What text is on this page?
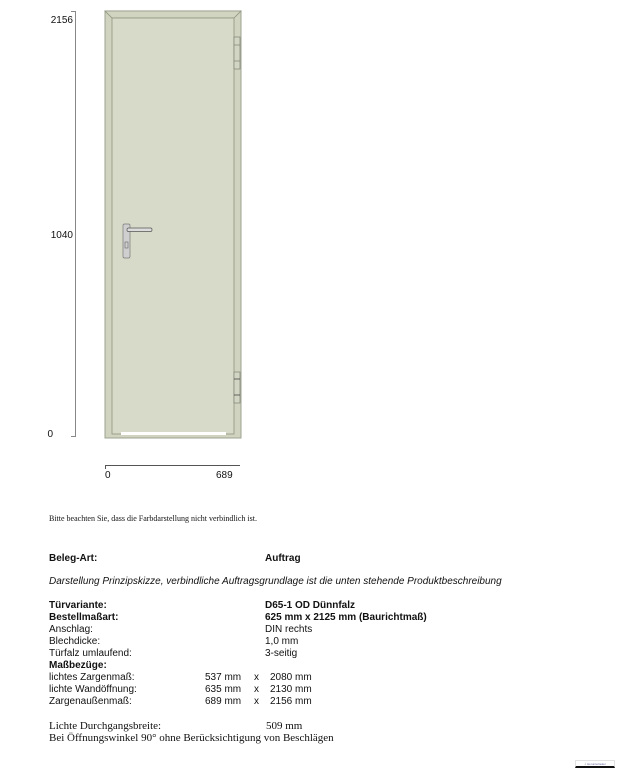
2156
1040
0
0	689
Bitte beachten Sie, dass die Farbdarstellung nicht verbindlich ist.
Beleg-Art:	Auftrag
Darstellung Prinzipskizze, verbindliche Auftragsgrundlage ist die unten stehende Produktbeschreibung
Türvariante:	D65-1 OD Dünnfalz
Bestellmaßart:	625 mm x 2125 mm (Baurichtmaß)
Anschlag:	DIN rechts
Blechdicke:	1,0 mm
Türfalz umlaufend:	3-seitig
Maßbezüge:
lichtes Zargenmaß:	537 mm x 2080 mm
lichte Wandöffnung:	635 mm x 2130 mm
Zargenaußenmaß:	689 mm x 2156 mm
Lichte Durchgangsbreite:	509 mm
Bei Öffnungswinkel 90° ohne Berücksichtigung von Beschlägen
↓ Herunterladen
